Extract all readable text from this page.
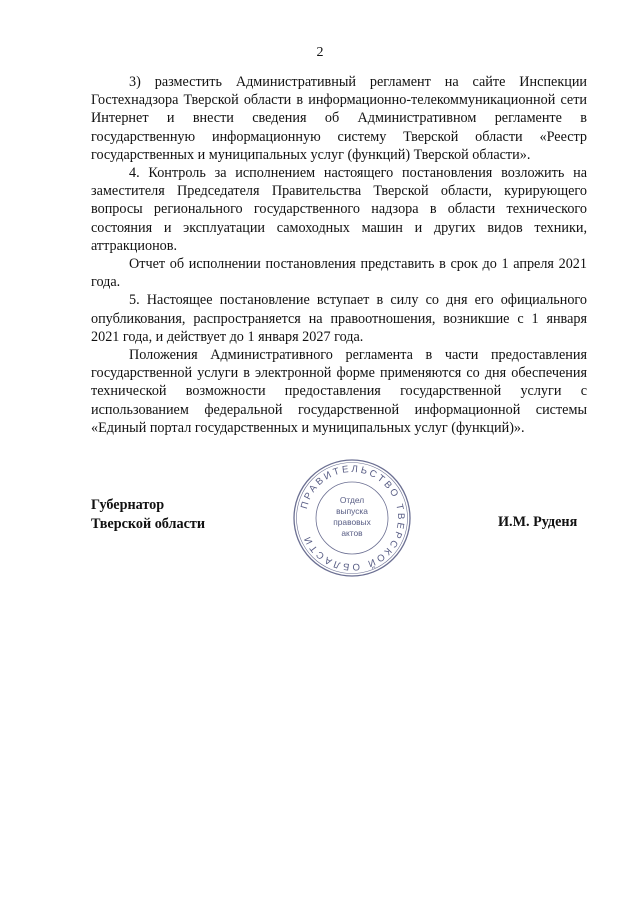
2

3) разместить Административный регламент на сайте Инспекции Гостехнадзора Тверской области в информационно-телекоммуникационной сети Интернет и внести сведения об Административном регламенте в государственную информационную систему Тверской области «Реестр государственных и муниципальных услуг (функций) Тверской области».

4. Контроль за исполнением настоящего постановления возложить на заместителя Председателя Правительства Тверской области, курирующего вопросы регионального государственного надзора в области технического состояния и эксплуатации самоходных машин и других видов техники, аттракционов.

Отчет об исполнении постановления представить в срок до 1 апреля 2021 года.

5. Настоящее постановление вступает в силу со дня его официального опубликования, распространяется на правоотношения, возникшие с 1 января 2021 года, и действует до 1 января 2027 года.

Положения Административного регламента в части предоставления государственной услуги в электронной форме применяются со дня обеспечения технической возможности предоставления государственной услуги с использованием федеральной государственной информационной системы «Единый портал государственных и муниципальных услуг (функций)».

Губернатор
Тверской области
ПРАВИТЕЛЬСТВО ТВЕРСКОЙ ОБЛАСТИ
Отдел
выпуска
правовых
актов
И.М. Руденя
